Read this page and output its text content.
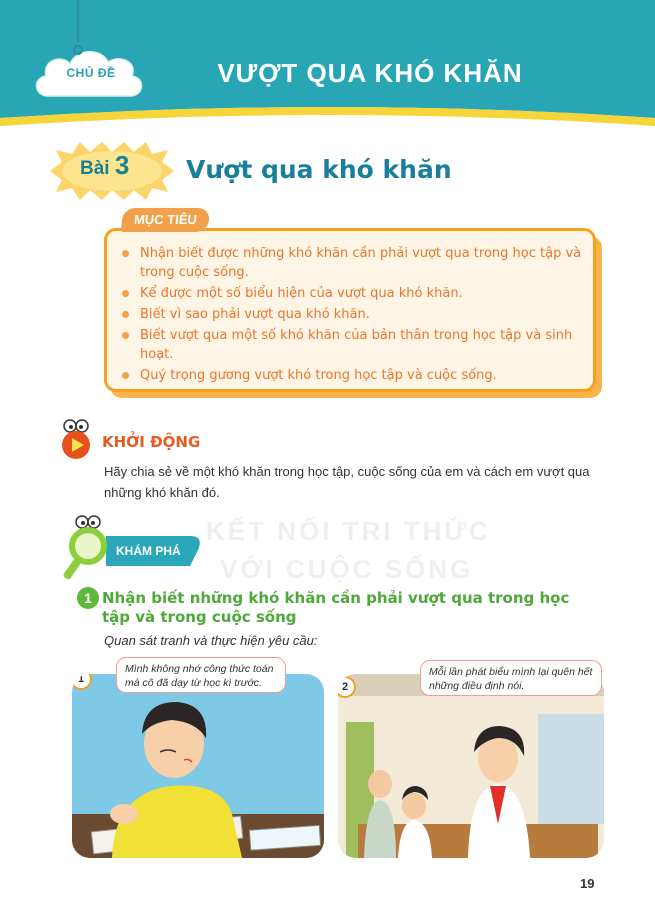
CHỦ ĐỀ	VƯỢT QUA KHÓ KHĂN
Bài 3 Vượt qua khó khăn
MỤC TIÊU
Nhận biết được những khó khăn cần phải vượt qua trong học tập và trong cuộc sống.
Kể được một số biểu hiện của vượt qua khó khăn.
Biết vì sao phải vượt qua khó khăn.
Biết vượt qua một số khó khăn của bản thân trong học tập và sinh hoạt.
Quý trọng gương vượt khó trong học tập và cuộc sống.
KẾT NỐI TRI THỨC
VỚI CUỘC SỐNG
KHỞI ĐỘNG
Hãy chia sẻ về một khó khăn trong học tập, cuộc sống của em và cách em vượt qua những khó khăn đó.
KHÁM PHÁ
1 Nhận biết những khó khăn cần phải vượt qua trong học tập và trong cuộc sống
Quan sát tranh và thực hiện yêu cầu:
1
Mình không nhớ công thức toán mà cô đã dạy từ học kì trước.	2
Mỗi lần phát biểu mình lại quên hết những điều định nói.
19
